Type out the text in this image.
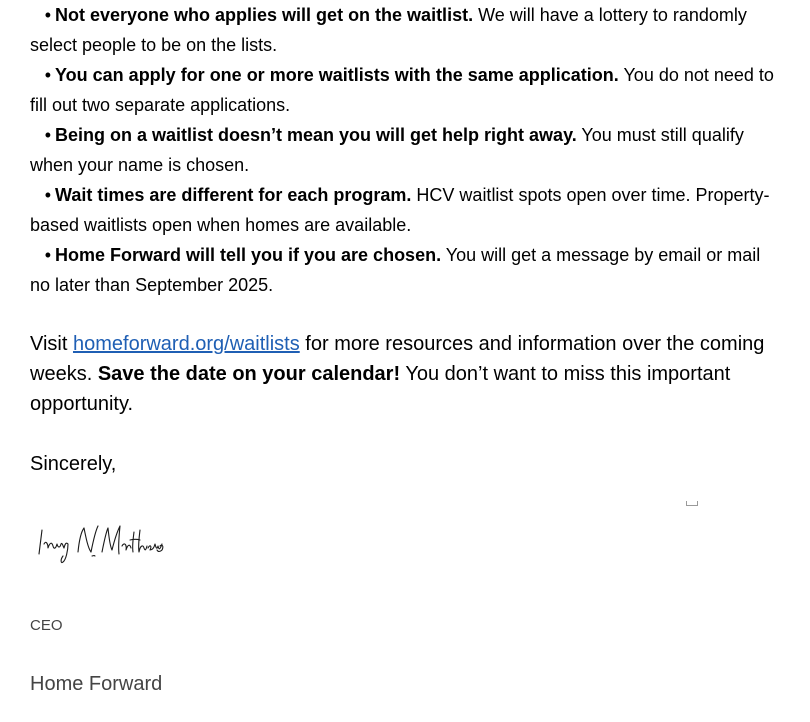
• Not everyone who applies will get on the waitlist. We will have a lottery to randomly select people to be on the lists.
• You can apply for one or more waitlists with the same application. You do not need to fill out two separate applications.
• Being on a waitlist doesn’t mean you will get help right away. You must still qualify when your name is chosen.
• Wait times are different for each program. HCV waitlist spots open over time. Property-based waitlists open when homes are available.
• Home Forward will tell you if you are chosen. You will get a message by email or mail no later than September 2025.

Visit homeforward.org/waitlists for more resources and information over the coming weeks. Save the date on your calendar! You don’t want to miss this important opportunity.

Sincerely,

CEO
Home Forward
